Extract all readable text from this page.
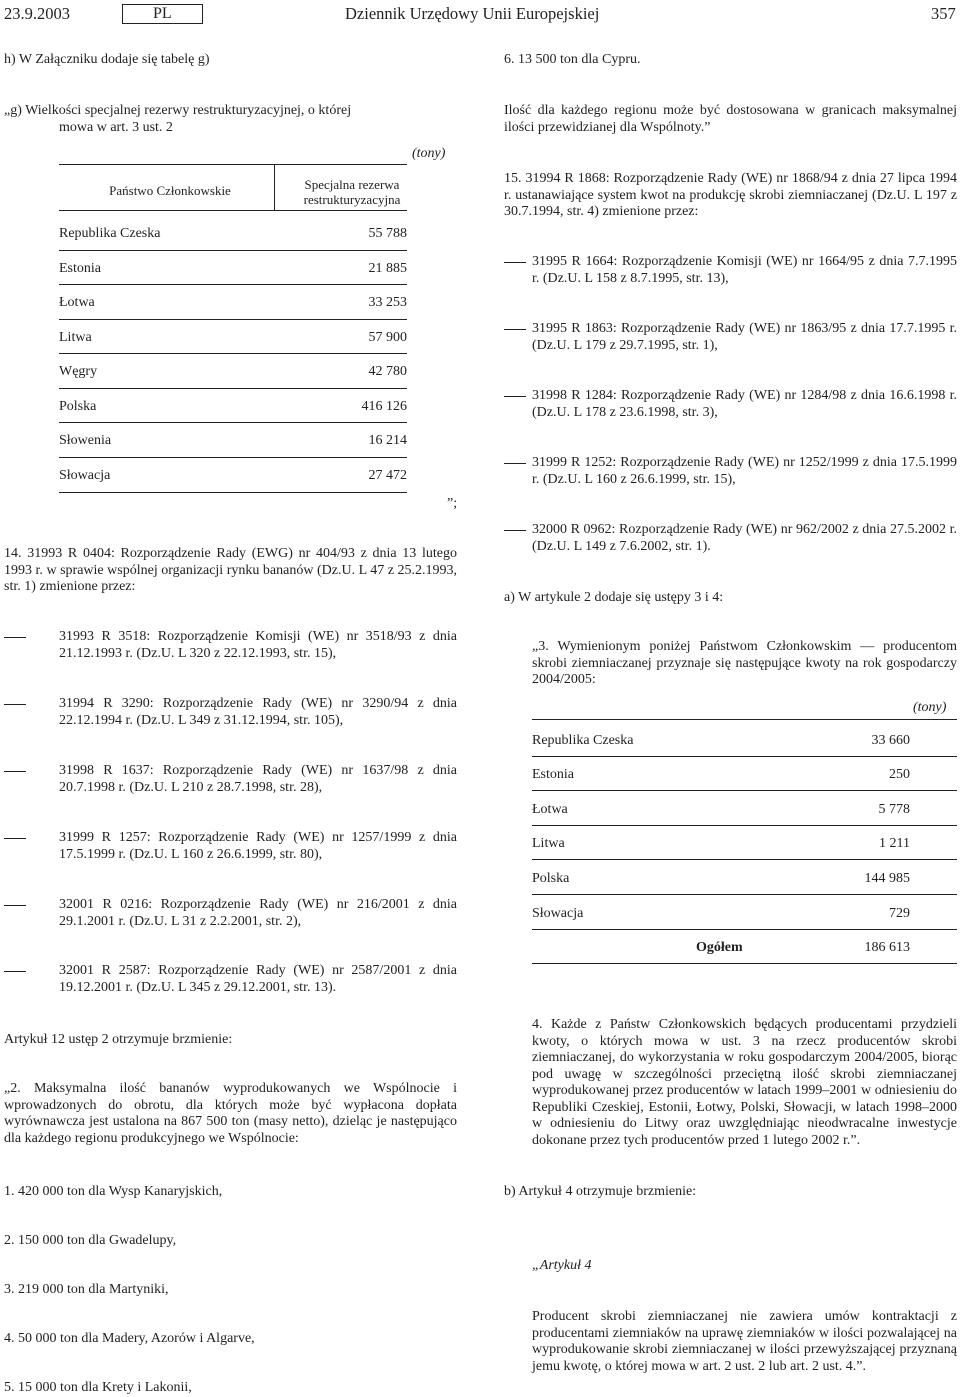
23.9.2003	PL	Dziennik Urzędowy Unii Europejskiej	357
h) W Załączniku dodaje się tabelę g)
„g) Wielkości specjalnej rezerwy restrukturyzacyjnej, o której
mowa w art. 3 ust. 2
(tony)
Państwo Członkowskie	Specjalna rezerwa restrukturyzacyjna
Republika Czeska	55 788
Estonia	21 885
Łotwa	33 253
Litwa	57 900
Węgry	42 780
Polska	416 126
Słowenia	16 214
Słowacja	27 472
”;
14. 31993 R 0404: Rozporządzenie Rady (EWG) nr 404/93 z dnia 13 lutego 1993 r. w sprawie wspólnej organizacji rynku bananów (Dz.U. L 47 z 25.2.1993, str. 1) zmienione przez:
31993 R 3518: Rozporządzenie Komisji (WE) nr 3518/93 z dnia 21.12.1993 r. (Dz.U. L 320 z 22.12.1993, str. 15),
31994 R 3290: Rozporządzenie Rady (WE) nr 3290/94 z dnia 22.12.1994 r. (Dz.U. L 349 z 31.12.1994, str. 105),
31998 R 1637: Rozporządzenie Rady (WE) nr 1637/98 z dnia 20.7.1998 r. (Dz.U. L 210 z 28.7.1998, str. 28),
31999 R 1257: Rozporządzenie Rady (WE) nr 1257/1999 z dnia 17.5.1999 r. (Dz.U. L 160 z 26.6.1999, str. 80),
32001 R 0216: Rozporządzenie Rady (WE) nr 216/2001 z dnia 29.1.2001 r. (Dz.U. L 31 z 2.2.2001, str. 2),
32001 R 2587: Rozporządzenie Rady (WE) nr 2587/2001 z dnia 19.12.2001 r. (Dz.U. L 345 z 29.12.2001, str. 13).
Artykuł 12 ustęp 2 otrzymuje brzmienie:
„2. Maksymalna ilość bananów wyprodukowanych we Wspólnocie i wprowadzonych do obrotu, dla których może być wypłacona dopłata wyrównawcza jest ustalona na 867 500 ton (masy netto), dzieląc je następująco dla każdego regionu produkcyjnego we Wspólnocie:
1. 420 000 ton dla Wysp Kanaryjskich,
2. 150 000 ton dla Gwadelupy,
3. 219 000 ton dla Martyniki,
4. 50 000 ton dla Madery, Azorów i Algarve,
5. 15 000 ton dla Krety i Lakonii,
6. 13 500 ton dla Cypru.
Ilość dla każdego regionu może być dostosowana w granicach maksymalnej ilości przewidzianej dla Wspólnoty.”
15. 31994 R 1868: Rozporządzenie Rady (WE) nr 1868/94 z dnia 27 lipca 1994 r. ustanawiające system kwot na produkcję skrobi ziemniaczanej (Dz.U. L 197 z 30.7.1994, str. 4) zmienione przez:
31995 R 1664: Rozporządzenie Komisji (WE) nr 1664/95 z dnia 7.7.1995 r. (Dz.U. L 158 z 8.7.1995, str. 13),
31995 R 1863: Rozporządzenie Rady (WE) nr 1863/95 z dnia 17.7.1995 r. (Dz.U. L 179 z 29.7.1995, str. 1),
31998 R 1284: Rozporządzenie Rady (WE) nr 1284/98 z dnia 16.6.1998 r. (Dz.U. L 178 z 23.6.1998, str. 3),
31999 R 1252: Rozporządzenie Rady (WE) nr 1252/1999 z dnia 17.5.1999 r. (Dz.U. L 160 z 26.6.1999, str. 15),
32000 R 0962: Rozporządzenie Rady (WE) nr 962/2002 z dnia 27.5.2002 r. (Dz.U. L 149 z 7.6.2002, str. 1).
a) W artykule 2 dodaje się ustępy 3 i 4:
„3. Wymienionym poniżej Państwom Członkowskim — producentom skrobi ziemniaczanej przyznaje się następujące kwoty na rok gospodarczy 2004/2005:
(tony)
Republika Czeska	33 660
Estonia	250
Łotwa	5 778
Litwa	1 211
Polska	144 985
Słowacja	729
Ogółem	186 613
4. Każde z Państw Członkowskich będących producentami przydzieli kwoty, o których mowa w ust. 3 na rzecz producentów skrobi ziemniaczanej, do wykorzystania w roku gospodarczym 2004/2005, biorąc pod uwagę w szczególności przeciętną ilość skrobi ziemniaczanej wyprodukowanej przez producentów w latach 1999–2001 w odniesieniu do Republiki Czeskiej, Estonii, Łotwy, Polski, Słowacji, w latach 1998–2000 w odniesieniu do Litwy oraz uwzględniając nieodwracalne inwestycje dokonane przez tych producentów przed 1 lutego 2002 r.”.
b) Artykuł 4 otrzymuje brzmienie:
„Artykuł 4
Producent skrobi ziemniaczanej nie zawiera umów kontraktacji z producentami ziemniaków na uprawę ziemniaków w ilości pozwalającej na wyprodukowanie skrobi ziemniaczanej w ilości przewyższającej przyznaną jemu kwotę, o której mowa w art. 2 ust. 2 lub art. 2 ust. 4.”.
